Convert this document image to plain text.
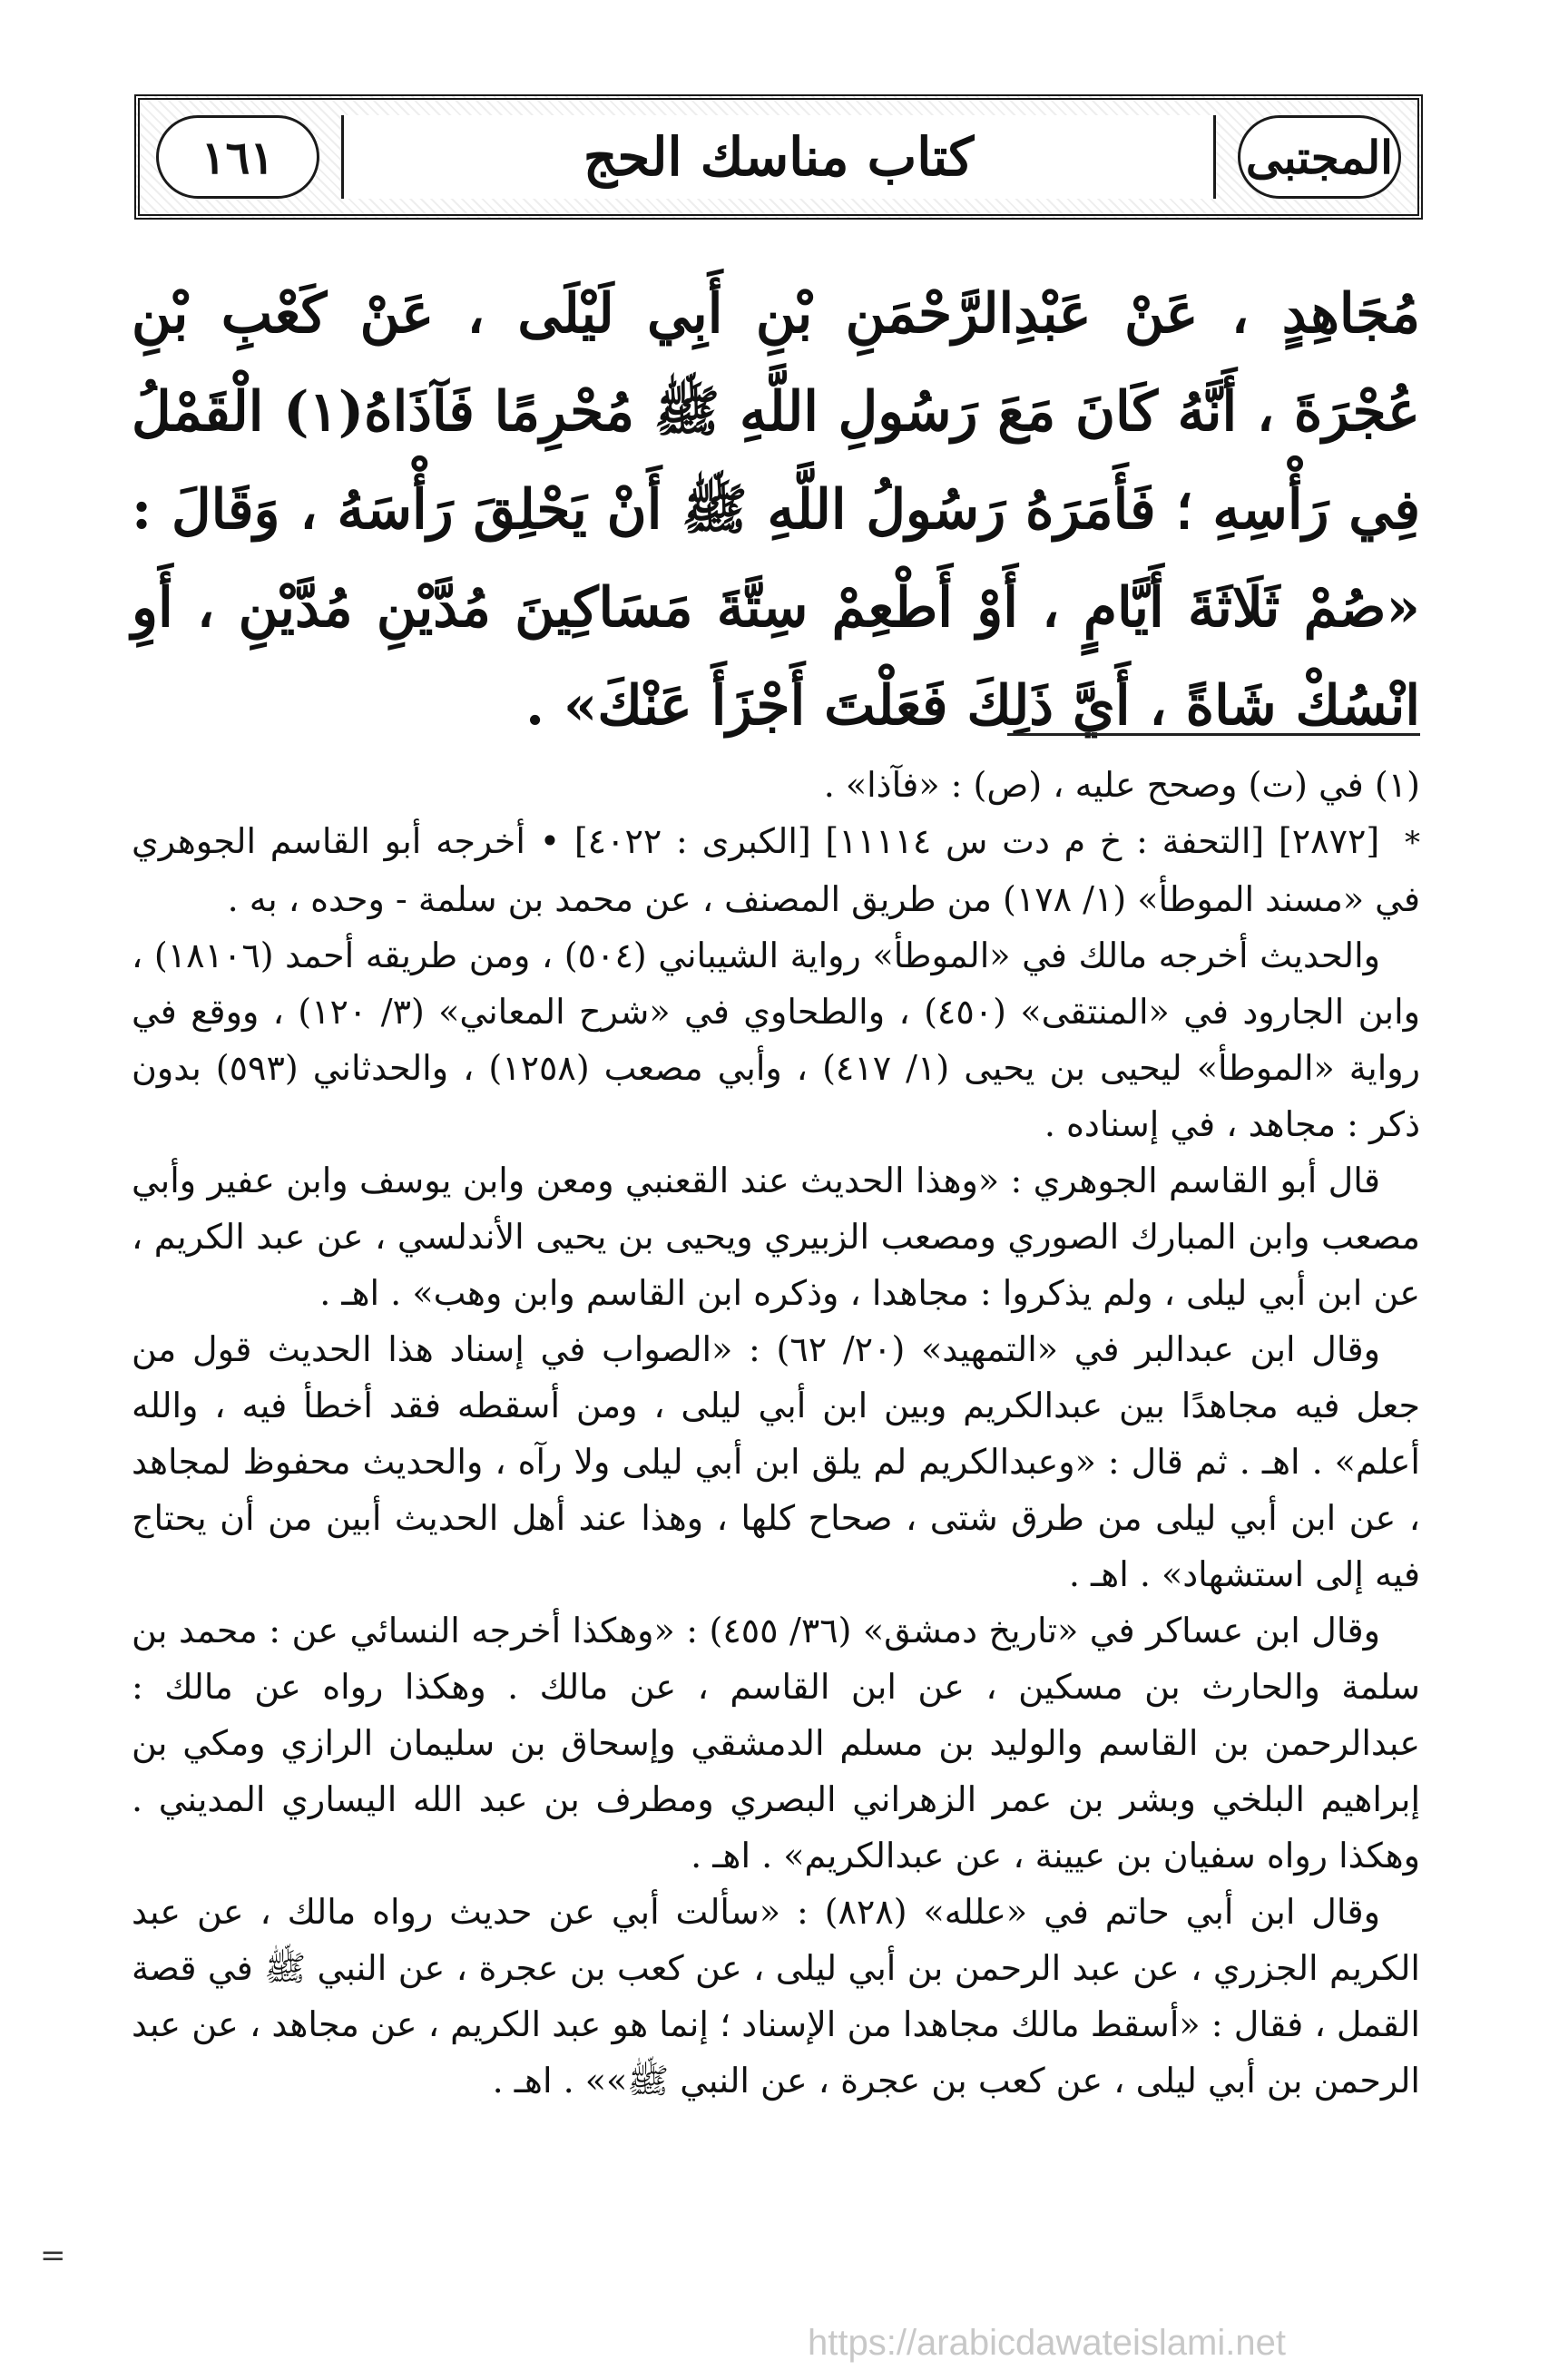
١٦١	كتاب مناسك الحج	المجتبى
مُجَاهِدٍ ، عَنْ عَبْدِالرَّحْمَنِ بْنِ أَبِي لَيْلَى ، عَنْ كَعْبِ بْنِ عُجْرَةَ ، أَنَّهُ كَانَ مَعَ رَسُولِ اللَّهِ ﷺ مُحْرِمًا فَآذَاهُ(١) الْقَمْلُ فِي رَأْسِهِ ؛ فَأَمَرَهُ رَسُولُ اللَّهِ ﷺ أَنْ يَحْلِقَ رَأْسَهُ ، وَقَالَ : «صُمْ ثَلَاثَةَ أَيَّامٍ ، أَوْ أَطْعِمْ سِتَّةَ مَسَاكِينَ مُدَّيْنِ مُدَّيْنِ ، أَوِ انْسُكْ شَاةً ، أَيَّ ذَلِكَ فَعَلْتَ أَجْزَأَ عَنْكَ» .

(١) في (ت) وصحح عليه ، (ص) : «فآذا» .

* [٢٨٧٢] [التحفة : خ م دت س ١١١١٤] [الكبرى : ٤٠٢٢] • أخرجه أبو القاسم الجوهري في «مسند الموطأ» (١/ ١٧٨) من طريق المصنف ، عن محمد بن سلمة - وحده ، به .

والحديث أخرجه مالك في «الموطأ» رواية الشيباني (٥٠٤) ، ومن طريقه أحمد (١٨١٠٦) ، وابن الجارود في «المنتقى» (٤٥٠) ، والطحاوي في «شرح المعاني» (٣/ ١٢٠) ، ووقع في رواية «الموطأ» ليحيى بن يحيى (١/ ٤١٧) ، وأبي مصعب (١٢٥٨) ، والحدثاني (٥٩٣) بدون ذكر : مجاهد ، في إسناده .

قال أبو القاسم الجوهري : «وهذا الحديث عند القعنبي ومعن وابن يوسف وابن عفير وأبي مصعب وابن المبارك الصوري ومصعب الزبيري ويحيى بن يحيى الأندلسي ، عن عبد الكريم ، عن ابن أبي ليلى ، ولم يذكروا : مجاهدا ، وذكره ابن القاسم وابن وهب» . اهـ .

وقال ابن عبدالبر في «التمهيد» (٢٠/ ٦٢) : «الصواب في إسناد هذا الحديث قول من جعل فيه مجاهدًا بين عبدالكريم وبين ابن أبي ليلى ، ومن أسقطه فقد أخطأ فيه ، والله أعلم» . اهـ . ثم قال : «وعبدالكريم لم يلق ابن أبي ليلى ولا رآه ، والحديث محفوظ لمجاهد ، عن ابن أبي ليلى من طرق شتى ، صحاح كلها ، وهذا عند أهل الحديث أبين من أن يحتاج فيه إلى استشهاد» . اهـ .

وقال ابن عساكر في «تاريخ دمشق» (٣٦/ ٤٥٥) : «وهكذا أخرجه النسائي عن : محمد بن سلمة والحارث بن مسكين ، عن ابن القاسم ، عن مالك . وهكذا رواه عن مالك : عبدالرحمن بن القاسم والوليد بن مسلم الدمشقي وإسحاق بن سليمان الرازي ومكي بن إبراهيم البلخي وبشر بن عمر الزهراني البصري ومطرف بن عبد الله اليساري المديني . وهكذا رواه سفيان بن عيينة ، عن عبدالكريم» . اهـ .

وقال ابن أبي حاتم في «علله» (٨٢٨) : «سألت أبي عن حديث رواه مالك ، عن عبد الكريم الجزري ، عن عبد الرحمن بن أبي ليلى ، عن كعب بن عجرة ، عن النبي ﷺ في قصة القمل ، فقال : «أسقط مالك مجاهدا من الإسناد ؛ إنما هو عبد الكريم ، عن مجاهد ، عن عبد الرحمن بن أبي ليلى ، عن كعب بن عجرة ، عن النبي ﷺ»» . اهـ .

=
https://arabicdawateislami.net
